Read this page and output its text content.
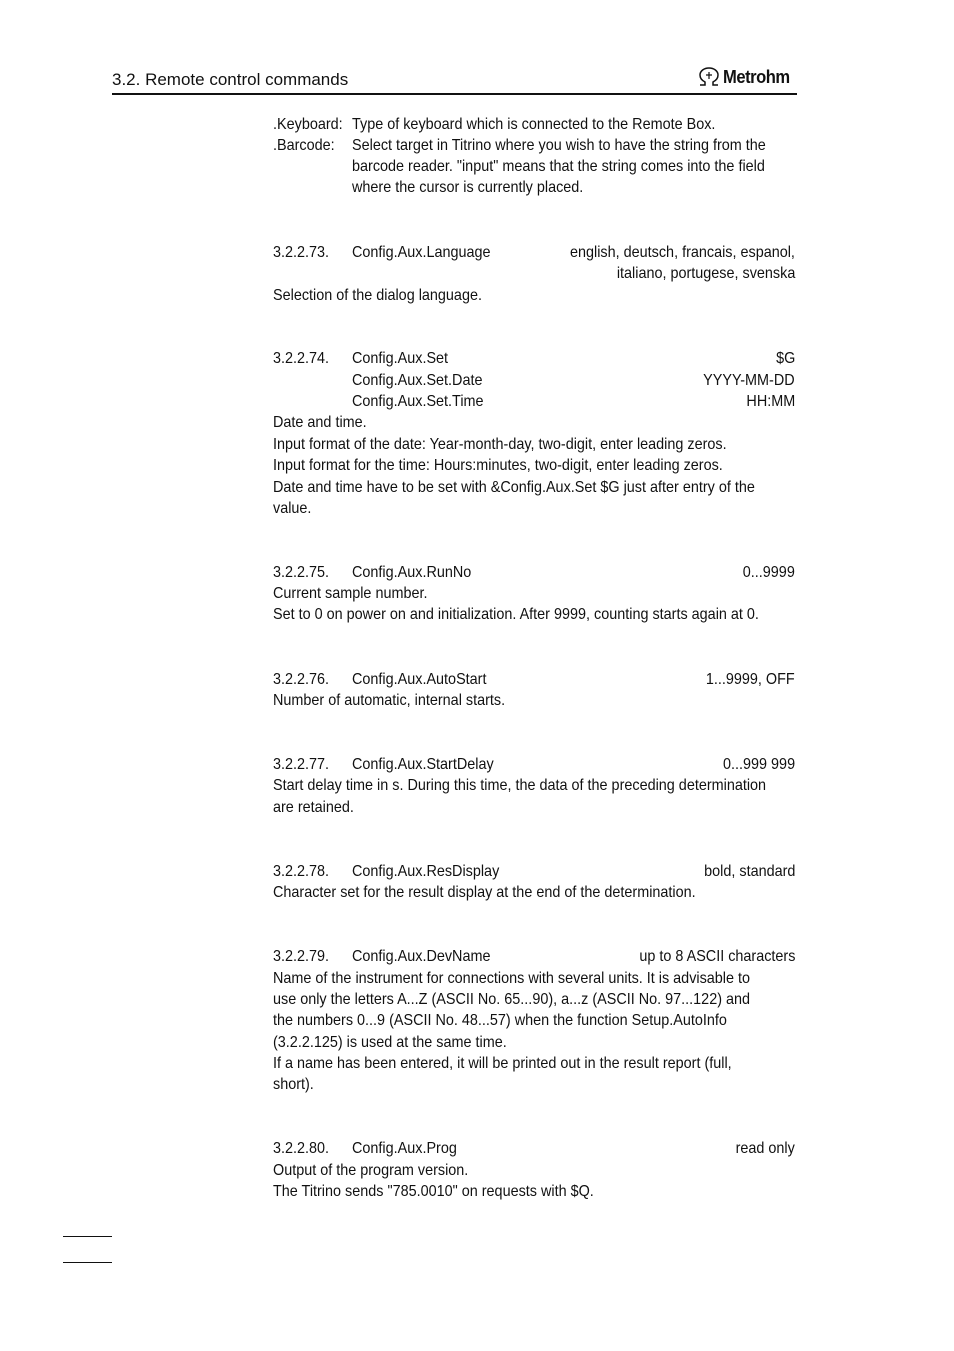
3.2. Remote control commands	Metrohm
.Keyboard: Type of keyboard which is connected to the Remote Box.
.Barcode: Select target in Titrino where you wish to have the string from the
barcode reader. "input" means that the string comes into the field
where the cursor is currently placed.
3.2.2.73. Config.Aux.Language	english, deutsch, francais, espanol,
italiano, portugese, svenska
Selection of the dialog language.
3.2.2.74. Config.Aux.Set	$G
Config.Aux.Set.Date	YYYY-MM-DD
Config.Aux.Set.Time	HH:MM
Date and time.
Input format of the date: Year-month-day, two-digit, enter leading zeros.
Input format for the time: Hours:minutes, two-digit, enter leading zeros.
Date and time have to be set with &Config.Aux.Set $G just after entry of the
value.
3.2.2.75. Config.Aux.RunNo	0...9999
Current sample number.
Set to 0 on power on and initialization. After 9999, counting starts again at 0.
3.2.2.76. Config.Aux.AutoStart	1...9999, OFF
Number of automatic, internal starts.
3.2.2.77. Config.Aux.StartDelay	0...999 999
Start delay time in s. During this time, the data of the preceding determination
are retained.
3.2.2.78. Config.Aux.ResDisplay	bold, standard
Character set for the result display at the end of the determination.
3.2.2.79. Config.Aux.DevName	up to 8 ASCII characters
Name of the instrument for connections with several units. It is advisable to
use only the letters A...Z (ASCII No. 65...90), a...z (ASCII No. 97...122) and
the numbers 0...9 (ASCII No. 48...57) when the function Setup.AutoInfo
(3.2.2.125) is used at the same time.
If a name has been entered, it will be printed out in the result report (full,
short).
3.2.2.80. Config.Aux.Prog	read only
Output of the program version.
The Titrino sends "785.0010" on requests with $Q.
